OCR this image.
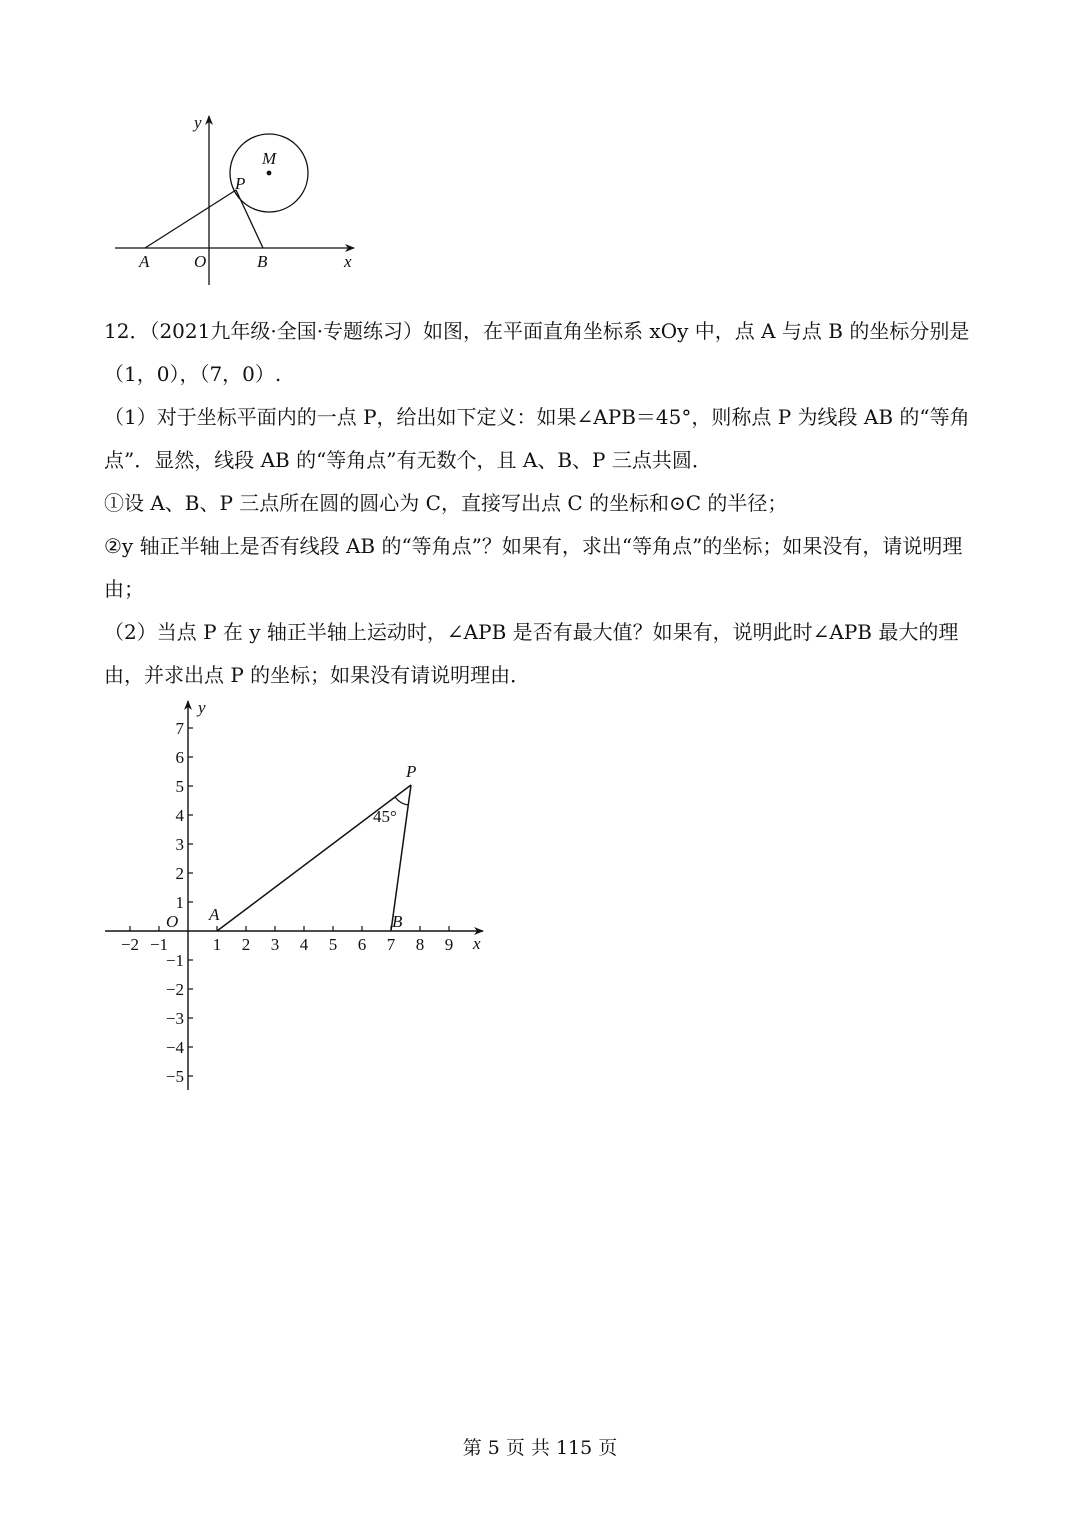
y
x
M
P
A	O	B

12．（2021九年级·全国·专题练习）如图，在平面直角坐标系 xOy 中，点 A 与点 B 的坐标分别是（1，0），（7，0）.

（1）对于坐标平面内的一点 P，给出如下定义：如果∠APB＝45°，则称点 P 为线段 AB 的“等角点”．显然，线段 AB 的“等角点”有无数个，且 A、B、P 三点共圆．

①设 A、B、P 三点所在圆的圆心为 C，直接写出点 C 的坐标和⊙C 的半径；

②y 轴正半轴上是否有线段 AB 的“等角点”？如果有，求出“等角点”的坐标；如果没有，请说明理由；

（2）当点 P 在 y 轴正半轴上运动时，∠APB 是否有最大值？如果有，说明此时∠APB 最大的理由，并求出点 P 的坐标；如果没有请说明理由．

−2 −1	1 2 3 4 5 6 7 8 9
7
6
5
4
3
2
1
−1
−2
−3
−4
−5
y
x
O A	B
P
45°
第 5 页 共 115 页
